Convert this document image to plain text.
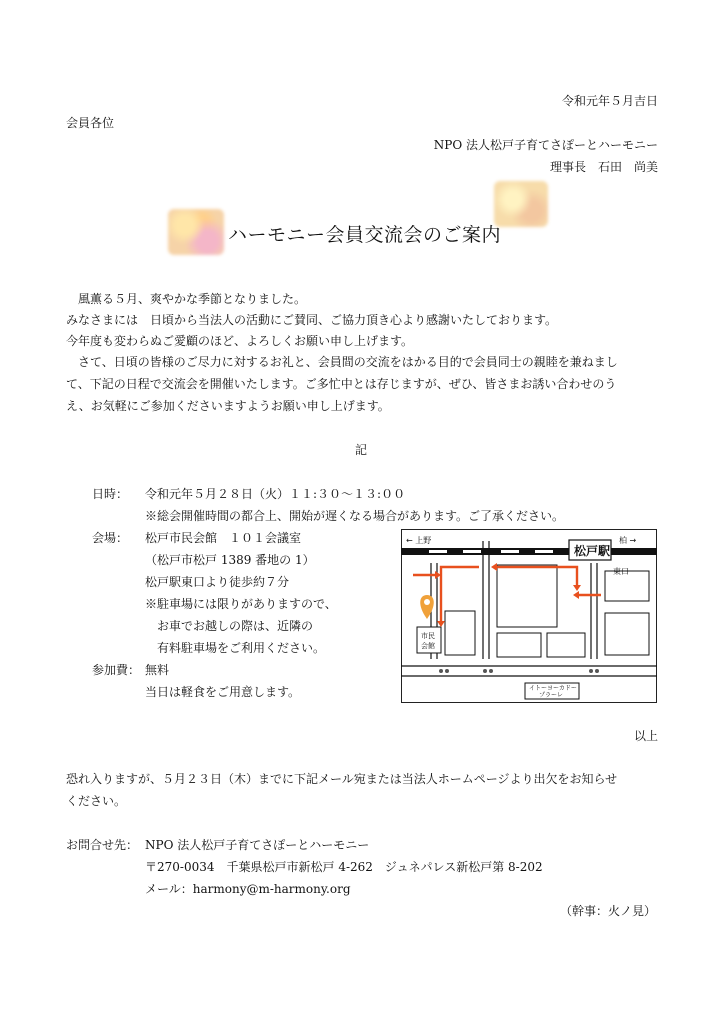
令和元年５月吉日
会員各位
NPO 法人松戸子育てさぽーとハーモニー
理事長　石田　尚美
ハーモニー会員交流会のご案内
　風薫る５月、爽やかな季節となりました。
みなさまには　日頃から当法人の活動にご賛同、ご協力頂き心より感謝いたしております。
今年度も変わらぬご愛顧のほど、よろしくお願い申し上げます。
　さて、日頃の皆様のご尽力に対するお礼と、会員間の交流をはかる目的で会員同士の親睦を兼ねまし
て、下記の日程で交流会を開催いたします。ご多忙中とは存じますが、ぜひ、皆さまお誘い合わせのう
え、お気軽にご参加くださいますようお願い申し上げます。
記
日時： 令和元年５月２８日（火）１１:３０～１３:００
※総会開催時間の都合上、開始が遅くなる場合があります。ご了承ください。
会場： 松戸市民会館　１０１会議室
（松戸市松戸 1389 番地の 1）
松戸駅東口より徒歩約７分
※駐車場には限りがありますので、
　お車でお越しの際は、近隣の
　有料駐車場をご利用ください。
参加費： 無料
当日は軽食をご用意します。
← 上野	柏 →
松戸駅
東口
市民
会館
イトーヨーカドー
プラーレ
以上
恐れ入りますが、５月２３日（木）までに下記メール宛または当法人ホームページより出欠をお知らせ
ください。
お問合せ先： NPO 法人松戸子育てさぽーとハーモニー
〒270-0034　千葉県松戸市新松戸 4-262　ジュネパレス新松戸第 8-202
メール：harmony@m-harmony.org
（幹事：火ノ見）
